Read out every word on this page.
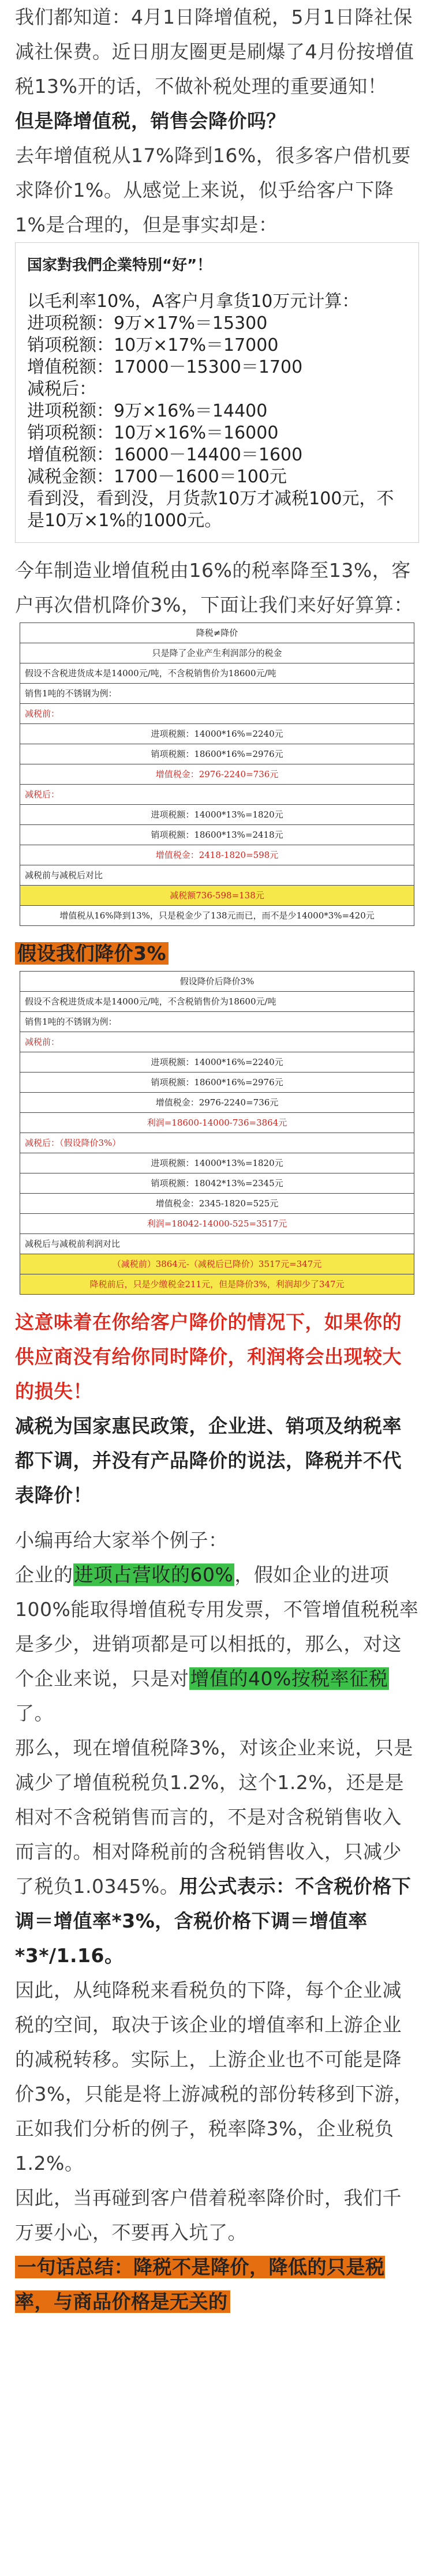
我们都知道：4月1日降增值税，5月1日降社保减社保费。近日朋友圈更是刷爆了4月份按增值税13%开的话，不做补税处理的重要通知！

但是降增值税，销售会降价吗？

去年增值税从17%降到16%，很多客户借机要求降价1%。从感觉上来说，似乎给客户下降1%是合理的，但是事实却是：

国家對我們企業特別“好”！
以毛利率10%，A客户月拿货10万元计算：
进项税额：9万×17%＝15300
销项税额：10万×17%＝17000
增值税额：17000－15300＝1700
减税后：
进项税额：9万×16%＝14400
销项税额：10万×16%＝16000
增值税额：16000－14400＝1600
减税金额：1700－1600＝100元
看到没，看到没，月货款10万才减税100元，不是10万×1%的1000元。

今年制造业增值税由16%的税率降至13%，客户再次借机降价3%，下面让我们来好好算算：

降税≠降价
只是降了企业产生利润部分的税金
假设不含税进货成本是14000元/吨，不含税销售价为18600元/吨
销售1吨的不锈钢为例：
减税前：
进项税额：14000*16%=2240元
销项税额：18600*16%=2976元
增值税金：2976-2240=736元
减税后：
进项税额：14000*13%=1820元
销项税额：18600*13%=2418元
增值税金：2418-1820=598元
减税前与减税后对比
减税额736-598=138元
增值税从16%降到13%，只是税金少了138元而已，而不是少14000*3%=420元

假设我们降价3%

假设降价后降价3%
假设不含税进货成本是14000元/吨，不含税销售价为18600元/吨
销售1吨的不锈钢为例：
减税前：
进项税额：14000*16%=2240元
销项税额：18600*16%=2976元
增值税金：2976-2240=736元
利润=18600-14000-736=3864元
减税后：（假设降价3%）
进项税额：14000*13%=1820元
销项税额：18042*13%=2345元
增值税金：2345-1820=525元
利润=18042-14000-525=3517元
减税后与减税前利润对比
（减税前）3864元-（减税后已降价）3517元=347元
降税前后，只是少缴税金211元，但是降价3%，利润却少了347元

这意味着在你给客户降价的情况下，如果你的供应商没有给你同时降价，利润将会出现较大的损失！

减税为国家惠民政策，企业进、销项及纳税率都下调，并没有产品降价的说法，降税并不代表降价！

小编再给大家举个例子：

企业的进项占营收的60%，假如企业的进项100%能取得增值税专用发票，不管增值税税率是多少，进销项都是可以相抵的，那么，对这个企业来说，只是对增值的40%按税率征税了。

那么，现在增值税降3%，对该企业来说，只是减少了增值税税负1.2%，这个1.2%，还是是相对不含税销售而言的，不是对含税销售收入而言的。相对降税前的含税销售收入，只减少了税负1.0345%。用公式表示：不含税价格下调＝增值率*3%，含税价格下调＝增值率*3*/1.16。

因此，从纯降税来看税负的下降，每个企业减税的空间，取决于该企业的增值率和上游企业的减税转移。实际上，上游企业也不可能是降价3%，只能是将上游减税的部份转移到下游，正如我们分析的例子，税率降3%，企业税负1.2%。

因此，当再碰到客户借着税率降价时，我们千万要小心，不要再入坑了。

一句话总结：降税不是降价，降低的只是税率，与商品价格是无关的
